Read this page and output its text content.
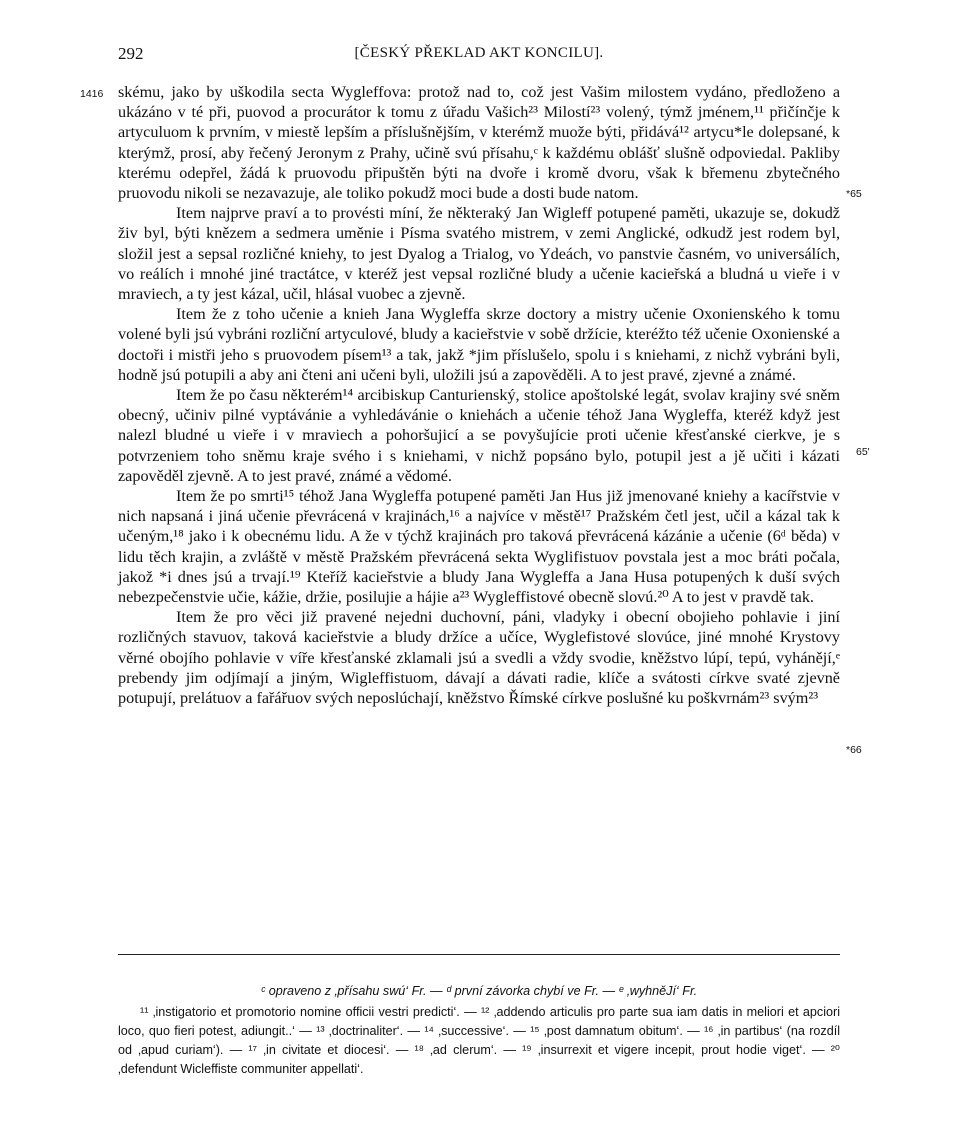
292	[ČESKÝ PŘEKLAD AKT KONCILU].
1416
*65
65'
*66

skému, jako by uškodila secta Wygleffova: protož nad to, což jest Vašim milostem vydáno, předloženo a ukázáno v té při, puovod a procurátor k tomu z úřadu Vašich²³ Milostí²³ volený, týmž jménem,¹¹ přičínčje k artyculuom k prvním, v miestě lepším a příslušnějším, v kterémž muože býti, přidává¹² artycu*le dolepsané, k kterýmž, prosí, aby řečený Jeronym z Prahy, učině svú přísahu,ᶜ k každému oblášť slušně odpoviedal. Pakliby kterému odepřel, žádá k pruovodu připuštěn býti na dvoře i kromě dvoru, však k břemenu zbytečného pruovodu nikoli se nezavazuje, ale toliko pokudž moci bude a dosti bude natom.

Item najprve praví a to provésti míní, že některaký Jan Wigleff potupené paměti, ukazuje se, dokudž živ byl, býti knězem a sedmera uměnie i Písma svatého mistrem, v zemi Anglické, odkudž jest rodem byl, složil jest a sepsal rozličné kniehy, to jest Dyalog a Trialog, vo Ydeách, vo panstvie časném, vo universálích, vo reálích i mnohé jiné tractátce, v kteréž jest vepsal rozličné bludy a učenie kacieřská a bludná u vieře i v mraviech, a ty jest kázal, učil, hlásal vuobec a zjevně.

Item že z toho učenie a knieh Jana Wygleffa skrze doctory a mistry učenie Oxonienského k tomu volené byli jsú vybráni rozliční artyculové, bludy a kacieřstvie v sobě držície, kteréžto též učenie Oxonienské a doctoři i mistři jeho s pruovodem písem¹³ a tak, jakž *jim příslušelo, spolu i s kniehami, z nichž vybráni byli, hodně jsú potupili a aby ani čteni ani učeni byli, uložili jsú a zapověděli. A to jest pravé, zjevné a známé.

Item že po času některém¹⁴ arcibiskup Canturienský, stolice apoštolské legát, svolav krajiny své sněm obecný, učiniv pilné vyptávánie a vyhledávánie o kniehách a učenie téhož Jana Wygleffa, kteréž když jest nalezl bludné u vieře i v mraviech a pohoršujicí a se povyšujície proti učenie křesťanské cierkve, je s potvrzeniem toho sněmu kraje svého i s kniehami, v nichž popsáno bylo, potupil jest a jě učiti i kázati zapověděl zjevně. A to jest pravé, známé a vědomé.

Item že po smrti¹⁵ téhož Jana Wygleffa potupené paměti Jan Hus již jmenované kniehy a kacířstvie v nich napsaná i jiná učenie převrácená v krajinách,¹⁶ a najvíce v městě¹⁷ Pražském četl jest, učil a kázal tak k učeným,¹⁸ jako i k obecnému lidu. A že v týchž krajinách pro taková převrácená kázánie a učenie (6ᵈ běda) v lidu těch krajin, a zvláště v městě Pražském převrácená sekta Wyglifistuov povstala jest a moc bráti počala, jakož *i dnes jsú a trvají.¹⁹ Kteříž kacieřstvie a bludy Jana Wygleffa a Jana Husa potupených k duší svých nebezpečenstvie učie, kážie, držie, posilujie a hájie a²³ Wygleffistové obecně slovú.²⁰ A to jest v pravdě tak.

Item že pro věci již pravené nejedni duchovní, páni, vladyky i obecní obojieho pohlavie i jiní rozličných stavuov, taková kacieřstvie a bludy držíce a učíce, Wyglefistové slovúce, jiné mnohé Krystovy věrné obojího pohlavie v víře křesťanské zklamali jsú a svedli a vždy svodie, kněžstvo lúpí, tepú, vyhánějí,ᵉ prebendy jim odjímají a jiným, Wigleffistuom, dávají a dávati radie, klíče a svátosti církve svaté zjevně potupují, prelátuov a fařářuov svých neposlúchají, kněžstvo Římské církve poslušné ku poškvrnám²³ svým²³

ᶜ opraveno z ‚přísahu swú‘ Fr. — ᵈ první závorka chybí ve Fr. — ᵉ ‚wyhněJí‘ Fr.
¹¹ ‚instigatorio et promotorio nomine officii vestri predicti‘. — ¹² ‚addendo articulis pro parte sua iam datis in meliori et apciori loco, quo fieri potest, adiungit..‘ — ¹³ ‚doctrinaliter‘. — ¹⁴ ‚successive‘. — ¹⁵ ‚post damnatum obitum‘. — ¹⁶ ‚in partibus‘ (na rozdíl od ‚apud curiam‘). — ¹⁷ ‚in civitate et diocesi‘. — ¹⁸ ‚ad clerum‘. — ¹⁹ ‚insurrexit et vigere incepit, prout hodie viget‘. — ²⁰ ‚defendunt Wicleffiste communiter appellati‘.
